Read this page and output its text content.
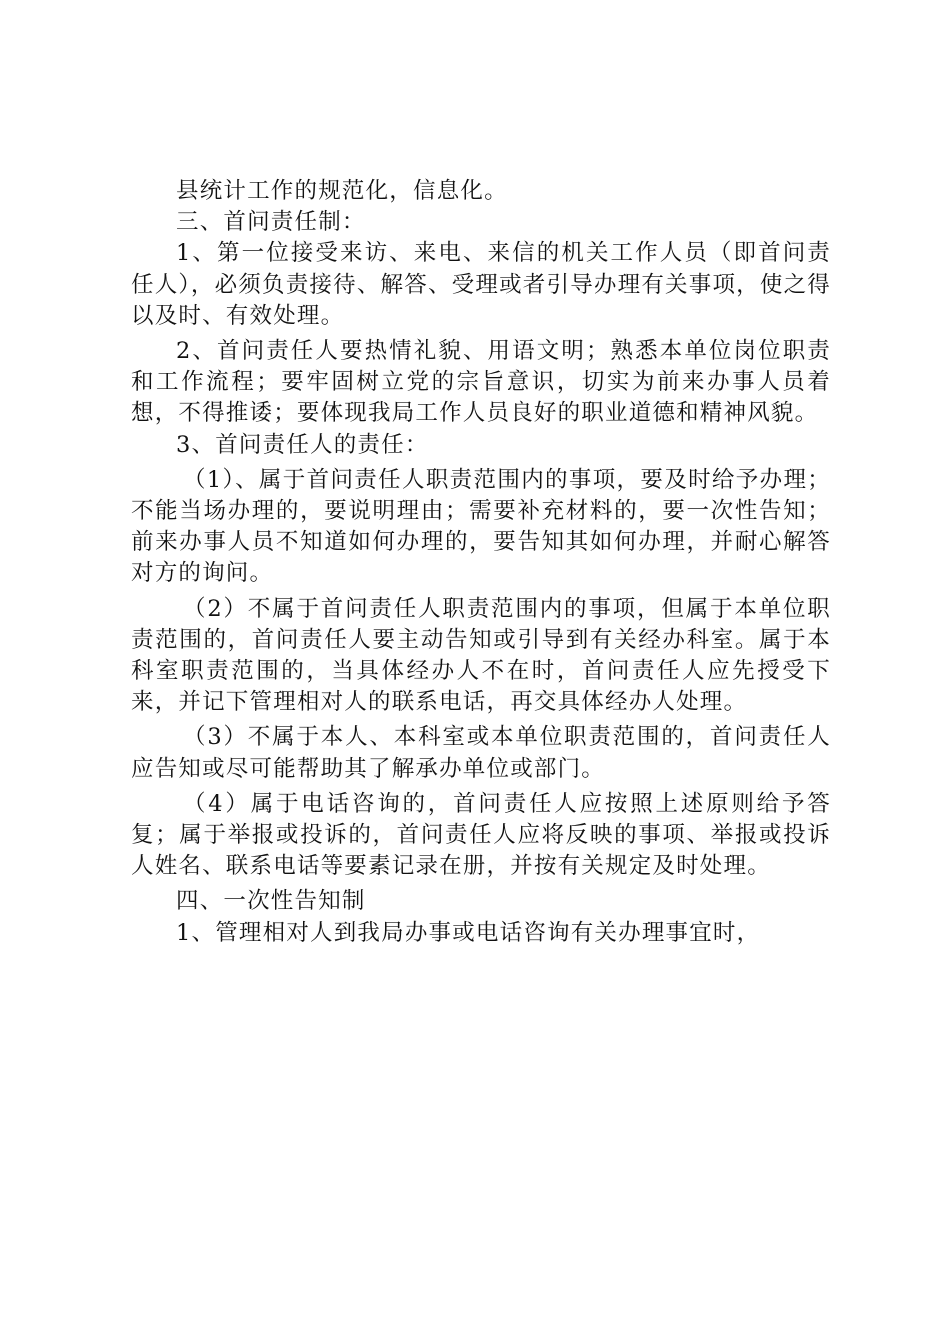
县统计工作的规范化，信息化。

三、首问责任制：

1、第一位接受来访、来电、来信的机关工作人员（即首问责任人），必须负责接待、解答、受理或者引导办理有关事项，使之得以及时、有效处理。

2、首问责任人要热情礼貌、用语文明；熟悉本单位岗位职责和工作流程；要牢固树立党的宗旨意识，切实为前来办事人员着想，不得推诿；要体现我局工作人员良好的职业道德和精神风貌。

3、首问责任人的责任：

（1）、属于首问责任人职责范围内的事项，要及时给予办理；不能当场办理的，要说明理由；需要补充材料的，要一次性告知；前来办事人员不知道如何办理的，要告知其如何办理，并耐心解答对方的询问。

（2）不属于首问责任人职责范围内的事项，但属于本单位职责范围的，首问责任人要主动告知或引导到有关经办科室。属于本科室职责范围的，当具体经办人不在时，首问责任人应先授受下来，并记下管理相对人的联系电话，再交具体经办人处理。

（3）不属于本人、本科室或本单位职责范围的，首问责任人应告知或尽可能帮助其了解承办单位或部门。

（4）属于电话咨询的，首问责任人应按照上述原则给予答复；属于举报或投诉的，首问责任人应将反映的事项、举报或投诉人姓名、联系电话等要素记录在册，并按有关规定及时处理。

四、一次性告知制

1、管理相对人到我局办事或电话咨询有关办理事宜时，
